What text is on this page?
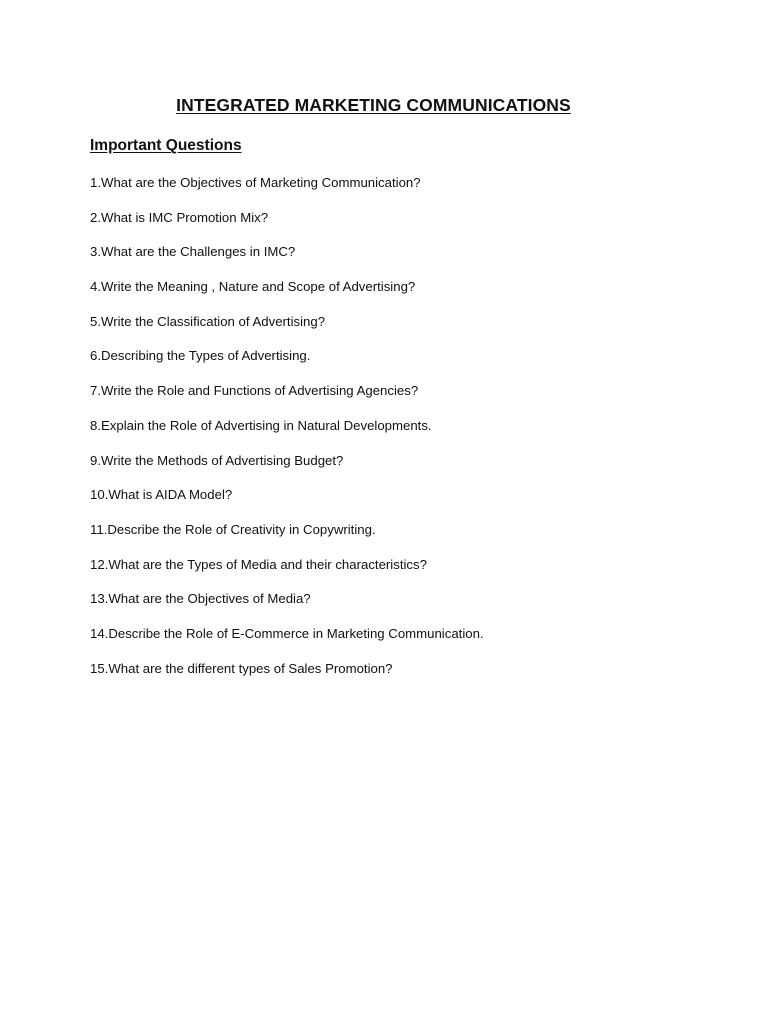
INTEGRATED MARKETING COMMUNICATIONS
Important Questions
1.What are the Objectives of Marketing Communication?
2.What is IMC Promotion Mix?
3.What are the Challenges in IMC?
4.Write the Meaning , Nature and Scope of Advertising?
5.Write the Classification of Advertising?
6.Describing the Types of Advertising.
7.Write the Role and Functions of Advertising Agencies?
8.Explain the Role of Advertising in Natural Developments.
9.Write the Methods of Advertising Budget?
10.What is AIDA Model?
11.Describe the Role of Creativity in Copywriting.
12.What are the Types of Media and their characteristics?
13.What are the Objectives of Media?
14.Describe the Role of E-Commerce in Marketing Communication.
15.What are the different types of Sales Promotion?
